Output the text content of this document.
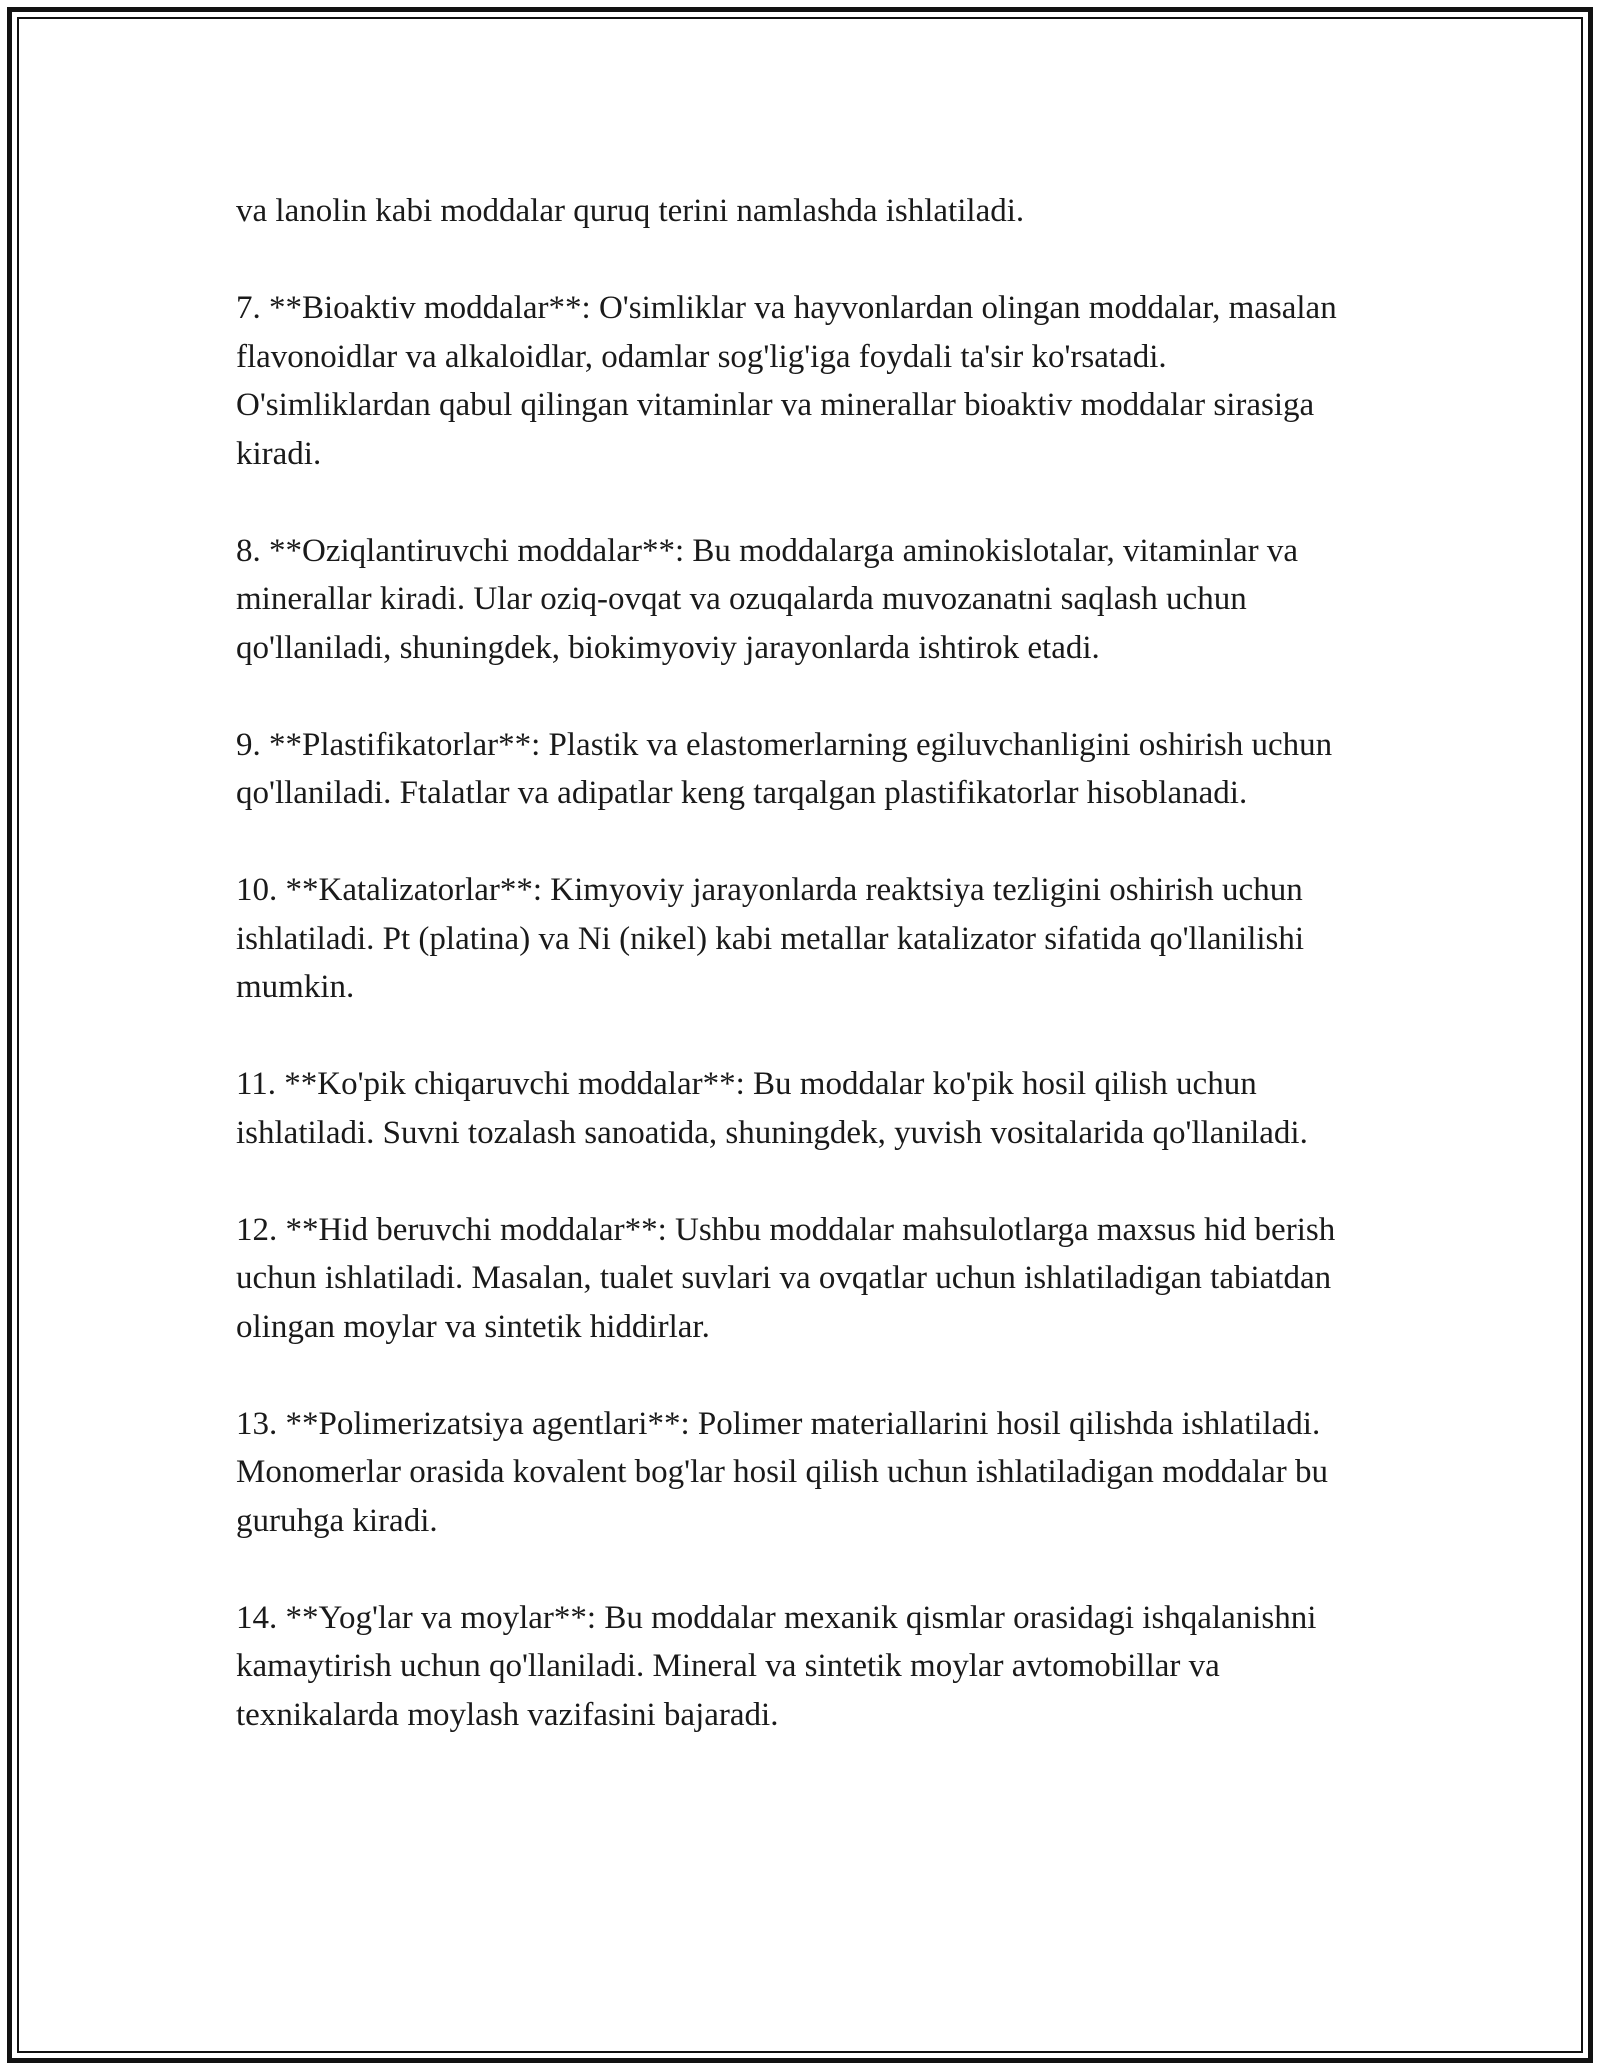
va lanolin kabi moddalar quruq terini namlashda ishlatiladi.

7. **Bioaktiv moddalar**: O'simliklar va hayvonlardan olingan moddalar, masalan flavonoidlar va alkaloidlar, odamlar sog'lig'iga foydali ta'sir ko'rsatadi. O'simliklardan qabul qilingan vitaminlar va minerallar bioaktiv moddalar sirasiga kiradi.

8. **Oziqlantiruvchi moddalar**: Bu moddalarga aminokislotalar, vitaminlar va minerallar kiradi. Ular oziq-ovqat va ozuqalarda muvozanatni saqlash uchun qo'llaniladi, shuningdek, biokimyoviy jarayonlarda ishtirok etadi.

9. **Plastifikatorlar**: Plastik va elastomerlarning egiluvchanligini oshirish uchun qo'llaniladi. Ftalatlar va adipatlar keng tarqalgan plastifikatorlar hisoblanadi.

10. **Katalizatorlar**: Kimyoviy jarayonlarda reaktsiya tezligini oshirish uchun ishlatiladi. Pt (platina) va Ni (nikel) kabi metallar katalizator sifatida qo'llanilishi mumkin.

11. **Ko'pik chiqaruvchi moddalar**: Bu moddalar ko'pik hosil qilish uchun ishlatiladi. Suvni tozalash sanoatida, shuningdek, yuvish vositalarida qo'llaniladi.

12. **Hid beruvchi moddalar**: Ushbu moddalar mahsulotlarga maxsus hid berish uchun ishlatiladi. Masalan, tualet suvlari va ovqatlar uchun ishlatiladigan tabiatdan olingan moylar va sintetik hiddirlar.

13. **Polimerizatsiya agentlari**: Polimer materiallarini hosil qilishda ishlatiladi. Monomerlar orasida kovalent bog'lar hosil qilish uchun ishlatiladigan moddalar bu guruhga kiradi.

14. **Yog'lar va moylar**: Bu moddalar mexanik qismlar orasidagi ishqalanishni kamaytirish uchun qo'llaniladi. Mineral va sintetik moylar avtomobillar va texnikalarda moylash vazifasini bajaradi.
